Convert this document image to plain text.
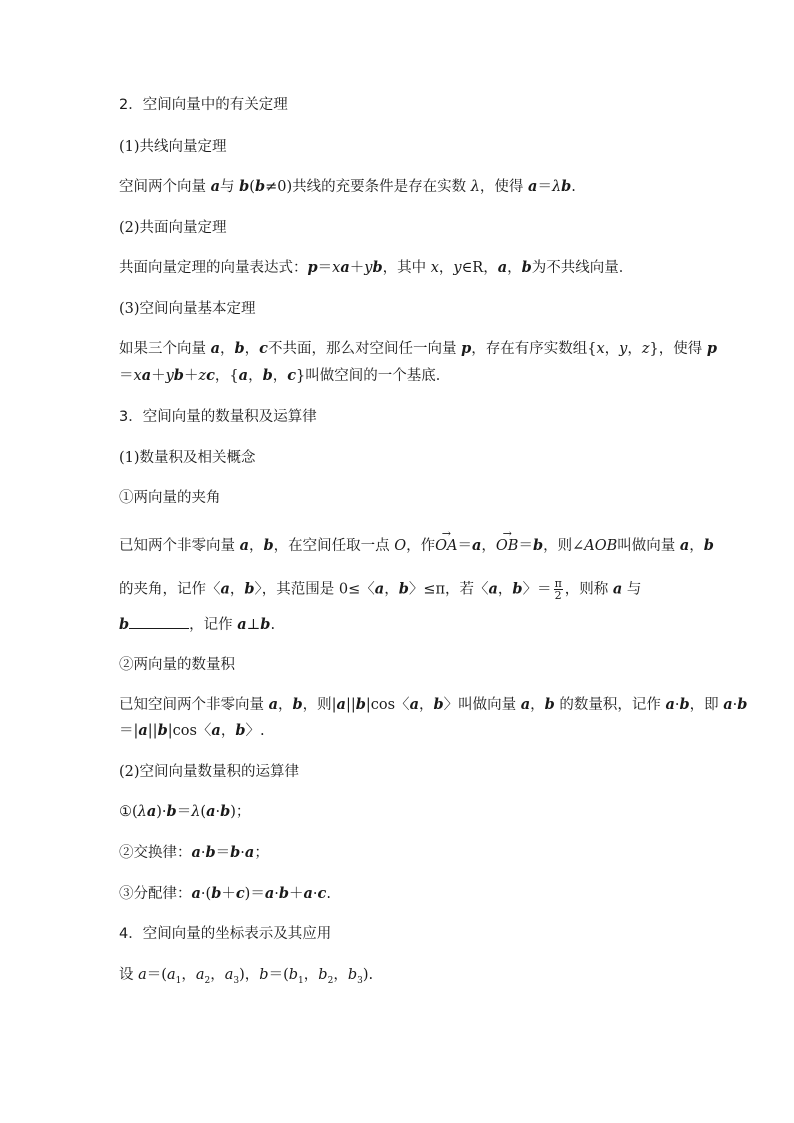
2．空间向量中的有关定理
(1)共线向量定理
空间两个向量 a与 b(b≠0)共线的充要条件是存在实数 λ，使得 a＝λb.
(2)共面向量定理
共面向量定理的向量表达式：p＝xa＋yb，其中 x，y∈R，a，b为不共线向量．
(3)空间向量基本定理
如果三个向量 a，b，c不共面，那么对空间任一向量 p，存在有序实数组{x，y，z}，使得 p
＝xa＋yb＋zc，{a，b，c}叫做空间的一个基底．
3．空间向量的数量积及运算律
(1)数量积及相关概念
①两向量的夹角
已知两个非零向量 a，b，在空间任取一点 O，作→ OA＝a，→ OB＝b，则∠AOB叫做向量 a，b
的夹角，记作〈a，b〉，其范围是 0≤〈a，b〉≤π，若〈a，b〉＝ $\frac{\pi}{2}$ ，则称 a 与
b	，记作 a⊥b.
②两向量的数量积
已知空间两个非零向量 a，b，则|a||b|cos〈a，b〉叫做向量 a，b 的数量积，记作 a·b，即 a·b
＝|a||b|cos〈a，b〉.
(2)空间向量数量积的运算律
①(λa)·b＝λ(a·b)；
②交换律：a·b＝b·a；
③分配律：a·(b＋c)＝a·b＋a·c.
4．空间向量的坐标表示及其应用
设 $a=(a_1$，$a_2$，$a_3$)，$b=(b_1$，$b_2$，$b_3$).
